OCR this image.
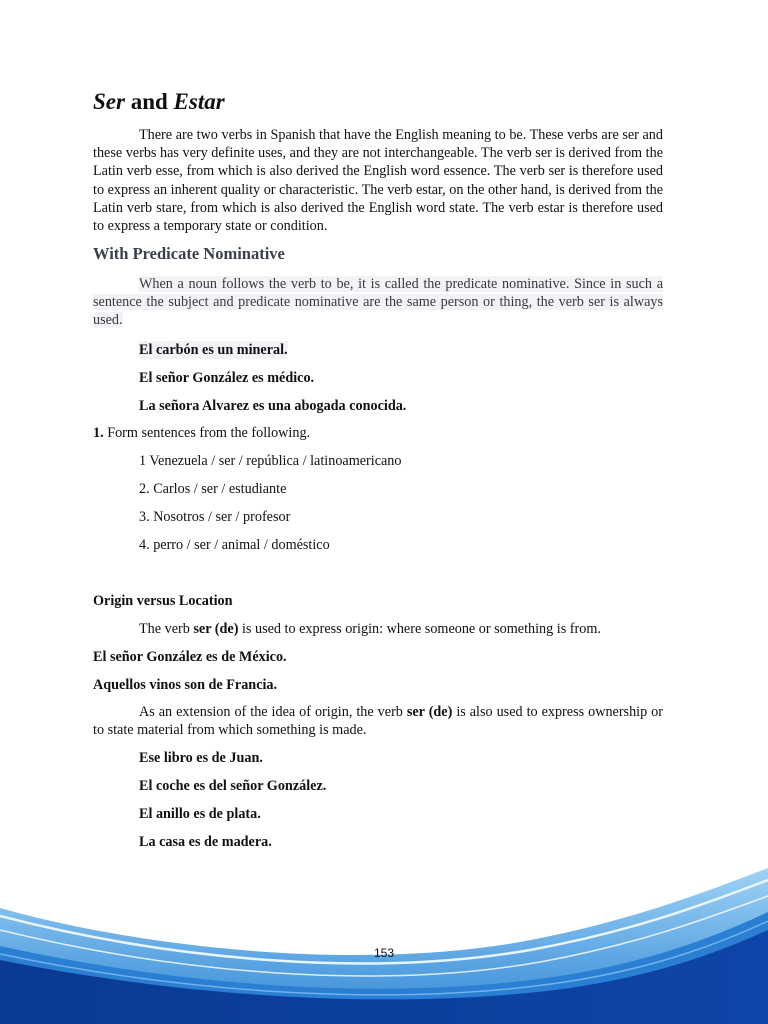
Ser and Estar

There are two verbs in Spanish that have the English meaning to be. These verbs are ser and these verbs has very definite uses, and they are not interchangeable. The verb ser is derived from the Latin verb esse, from which is also derived the English word essence. The verb ser is therefore used to express an inherent quality or characteristic. The verb estar, on the other hand, is derived from the Latin verb stare, from which is also derived the English word state. The verb estar is therefore used to express a temporary state or condition.

With Predicate Nominative

When a noun follows the verb to be, it is called the predicate nominative. Since in such a sentence the subject and predicate nominative are the same person or thing, the verb ser is always used.

El carbón es un mineral.

El señor González es médico.

La señora Alvarez es una abogada conocida.

1. Form sentences from the following.

1 Venezuela / ser / república / latinoamericano

2. Carlos / ser / estudiante

3. Nosotros / ser / profesor

4. perro / ser / animal / doméstico

Origin versus Location

The verb ser (de) is used to express origin: where someone or something is from.

El señor González es de México.

Aquellos vinos son de Francia.

As an extension of the idea of origin, the verb ser (de) is also used to express ownership or to state material from which something is made.

Ese libro es de Juan.

El coche es del señor González.

El anillo es de plata.

La casa es de madera.

153
